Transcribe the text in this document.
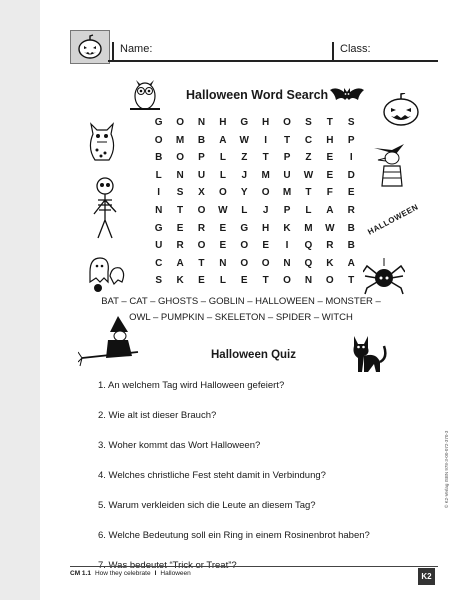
Name:	Class:
HALLOWEEN
Halloween Word Search
G	O	N	H	G	H	O	S	T	S
O	M	B	A	W	I	T	C	H	P
B	O	P	L	Z	T	P	Z	E	I
L	N	U	L	J	M	U	W	E	D
I	S	X	O	Y	O	M	T	F	E
N	T	O	W	L	J	P	L	A	R
G	E	R	E	G	H	K	M	W	B
U	R	O	E	O	E	I	Q	R	B
C	A	T	N	O	O	N	Q	K	A
S	K	E	L	E	T	O	N	O	T
BAT – CAT – GHOSTS – GOBLIN – HALLOWEEN – MONSTER –
OWL – PUMPKIN – SKELETON – SPIDER – WITCH
Halloween Quiz
1. An welchem Tag wird Halloween gefeiert?
2. Wie alt ist dieser Brauch?
3. Woher kommt das Wort Halloween?
4. Welches christliche Fest steht damit in Verbindung?
5. Warum verkleiden sich die Leute an diesem Tag?
6. Welche Bedeutung soll ein Ring in einem Rosinenbrot haben?
CM 1.1 How they celebrate I Halloween	K2
© K2-Verlag ISBN 978-3-00-072-370-3
